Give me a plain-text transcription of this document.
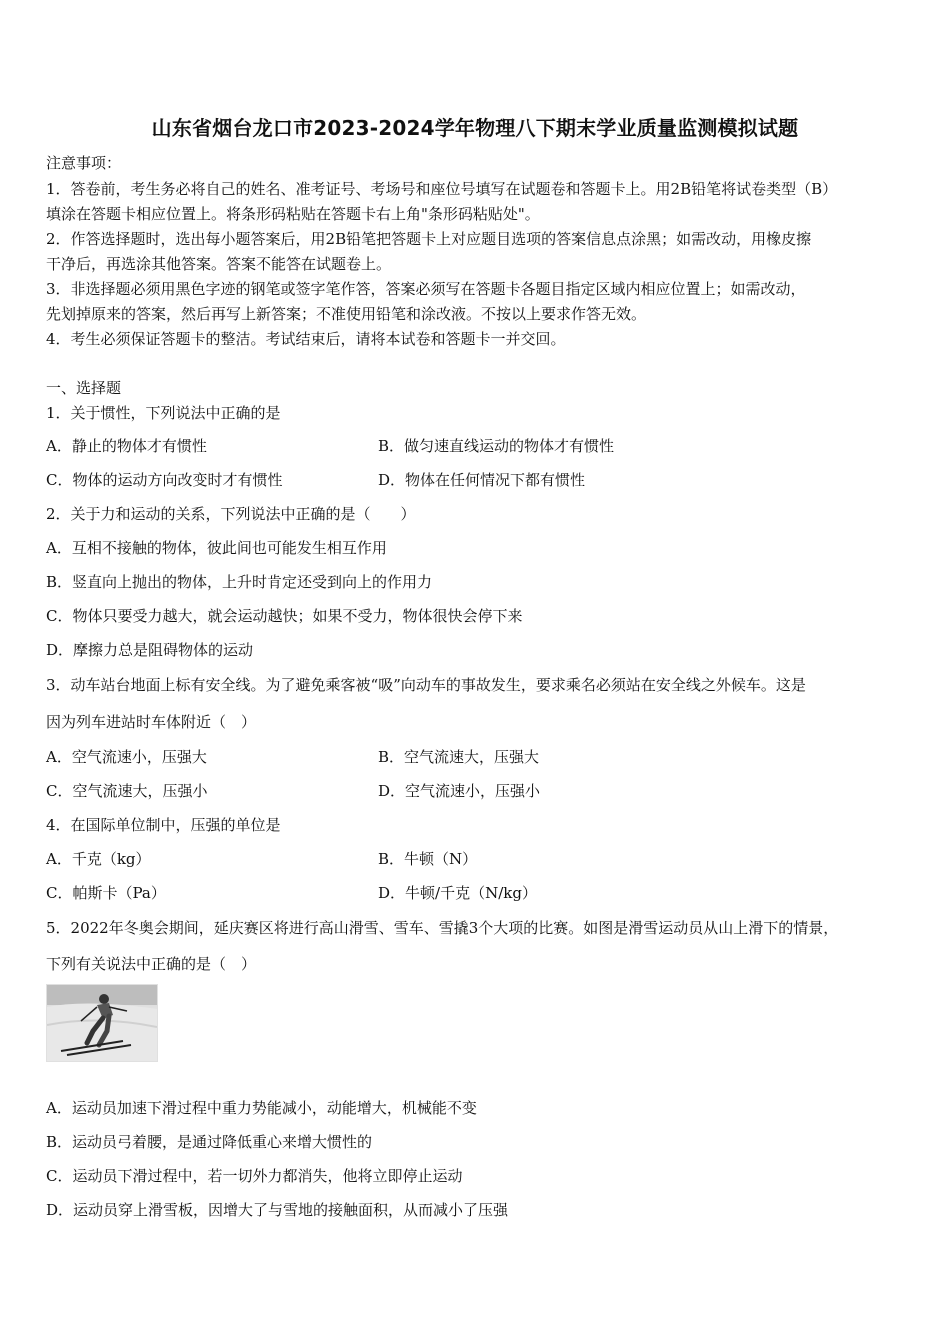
山东省烟台龙口市2023-2024学年物理八下期末学业质量监测模拟试题
注意事项：
1．答卷前，考生务必将自己的姓名、准考证号、考场号和座位号填写在试题卷和答题卡上。用2B铅笔将试卷类型（B）
填涂在答题卡相应位置上。将条形码粘贴在答题卡右上角"条形码粘贴处"。
2．作答选择题时，选出每小题答案后，用2B铅笔把答题卡上对应题目选项的答案信息点涂黑；如需改动，用橡皮擦
干净后，再选涂其他答案。答案不能答在试题卷上。
3．非选择题必须用黑色字迹的钢笔或签字笔作答，答案必须写在答题卡各题目指定区域内相应位置上；如需改动，
先划掉原来的答案，然后再写上新答案；不准使用铅笔和涂改液。不按以上要求作答无效。
4．考生必须保证答题卡的整洁。考试结束后，请将本试卷和答题卡一并交回。
一、选择题
1．关于惯性，下列说法中正确的是
A．静止的物体才有惯性	B．做匀速直线运动的物体才有惯性
C．物体的运动方向改变时才有惯性	D．物体在任何情况下都有惯性
2．关于力和运动的关系，下列说法中正确的是（　　）
A．互相不接触的物体，彼此间也可能发生相互作用
B．竖直向上抛出的物体，上升时肯定还受到向上的作用力
C．物体只要受力越大，就会运动越快；如果不受力，物体很快会停下来
D．摩擦力总是阻碍物体的运动
3．动车站台地面上标有安全线。为了避免乘客被“吸”向动车的事故发生，要求乘名必须站在安全线之外候车。这是
因为列车进站时车体附近（　）
A．空气流速小，压强大	B．空气流速大，压强大
C．空气流速大，压强小	D．空气流速小，压强小
4．在国际单位制中，压强的单位是
A．千克（kg）	B．牛顿（N）
C．帕斯卡（Pa）	D．牛顿/千克（N/kg）
5．2022年冬奥会期间，延庆赛区将进行高山滑雪、雪车、雪撬3个大项的比赛。如图是滑雪运动员从山上滑下的情景，
下列有关说法中正确的是（　）
A．运动员加速下滑过程中重力势能减小，动能增大，机械能不变
B．运动员弓着腰，是通过降低重心来增大惯性的
C．运动员下滑过程中，若一切外力都消失，他将立即停止运动
D．运动员穿上滑雪板，因增大了与雪地的接触面积，从而减小了压强
